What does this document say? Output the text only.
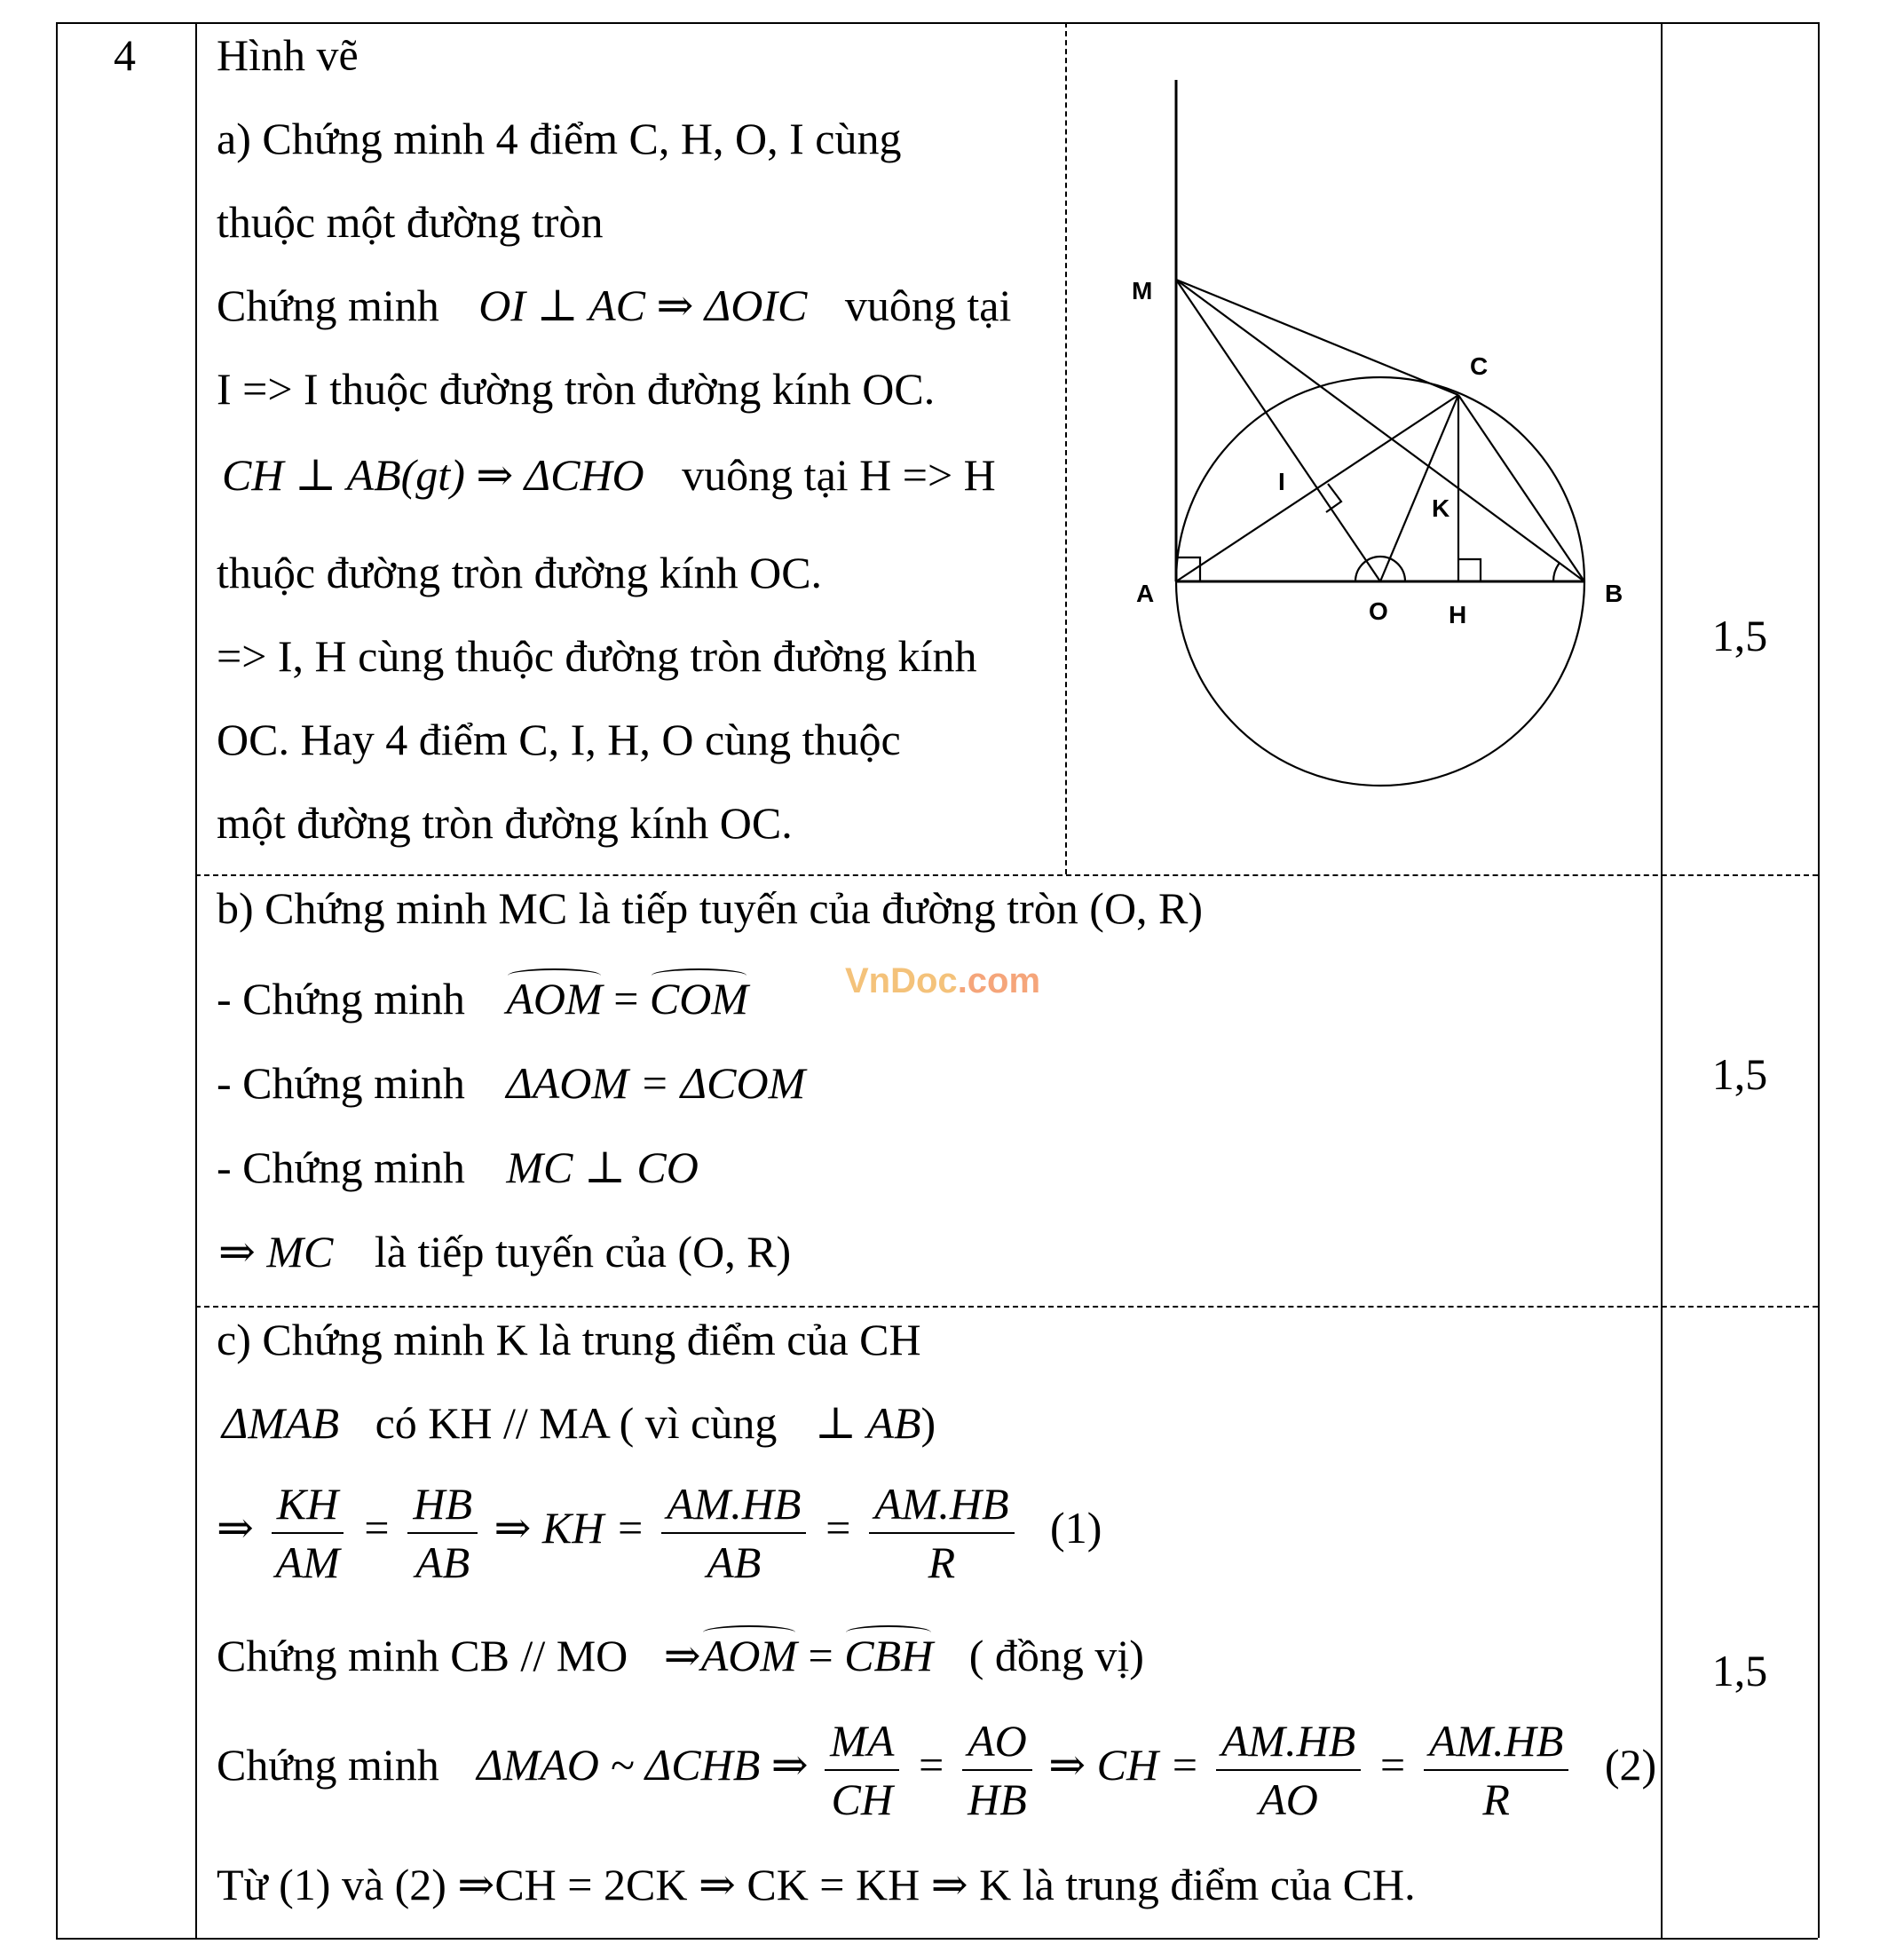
4 Hình vẽ
a) Chứng minh 4 điểm C, H, O, I cùng
thuộc một đường tròn
Chứng minh OI ⊥ AC ⇒ ΔOIC vuông tại
I => I thuộc đường tròn đường kính OC.
CH ⊥ AB(gt) ⇒ ΔCHO vuông tại H => H
thuộc đường tròn đường kính OC.
=> I, H cùng thuộc đường tròn đường kính
OC. Hay 4 điểm C, I, H, O cùng thuộc
một đường tròn đường kính OC.
1,5
M
C
I
K
A
O H
B
b) Chứng minh MC là tiếp tuyến của đường tròn (O, R)
- Chứng minh AOM = COM	VnDoc.com
- Chứng minh ΔAOM = ΔCOM
- Chứng minh MC ⊥ CO
⇒ MC là tiếp tuyến của (O, R)
1,5
c) Chứng minh K là trung điểm của CH
ΔMAB có KH // MA ( vì cùng ⊥ AB)
⇒ $\frac{KH}{AM} = \frac{HB}{AB}$ ⇒ KH = $\frac{AM.HB}{AB} = \frac{AM.HB}{R} (1)$
Chứng minh CB // MO ⇒AOM = CBH ( đồng vị)
Chứng minh ΔMAO ~ ΔCHB ⇒ $\frac{MA}{CH} = \frac{AO}{HB}$ ⇒ CH = $\frac{AM.HB}{AO} = \frac{AM.HB}{R} (2)$
Từ (1) và (2) ⇒CH = 2CK ⇒ CK = KH ⇒ K là trung điểm của CH.
1,5
